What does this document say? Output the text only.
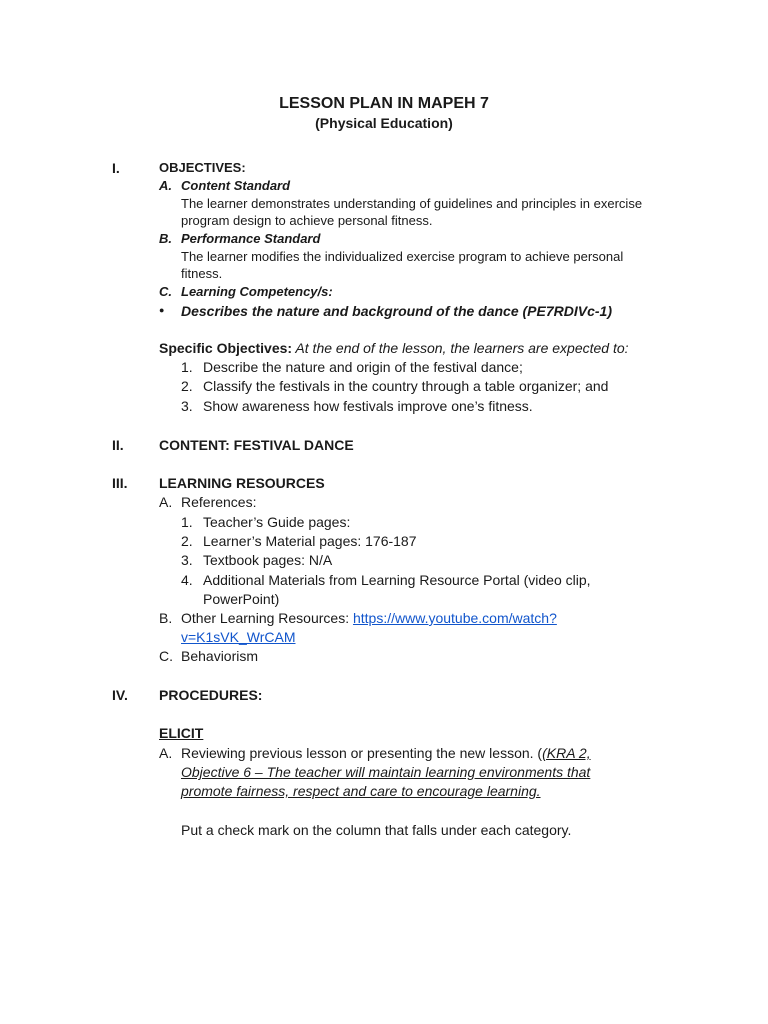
LESSON PLAN IN MAPEH 7
(Physical Education)
I.	OBJECTIVES:
A. Content Standard
The learner demonstrates understanding of guidelines and principles in exercise
program design to achieve personal fitness.
B. Performance Standard
The learner modifies the individualized exercise program to achieve personal
fitness.
C. Learning Competency/s:
● Describes the nature and background of the dance (PE7RDIVc-1)
Specific Objectives: At the end of the lesson, the learners are expected to:
1. Describe the nature and origin of the festival dance;
2. Classify the festivals in the country through a table organizer; and
3. Show awareness how festivals improve one’s fitness.
II.	CONTENT: FESTIVAL DANCE
III. LEARNING RESOURCES
A. References:
1. Teacher’s Guide pages:
2. Learner’s Material pages: 176-187
3. Textbook pages: N/A
4. Additional Materials from Learning Resource Portal (video clip,
PowerPoint)
B. Other Learning Resources: https://www.youtube.com/watch?
v=K1sVK_WrCAM
C. Behaviorism
IV. PROCEDURES:
ELICIT
A. Reviewing previous lesson or presenting the new lesson. ((KRA 2,
Objective 6 – The teacher will maintain learning environments that
promote fairness, respect and care to encourage learning.
Put a check mark on the column that falls under each category.
